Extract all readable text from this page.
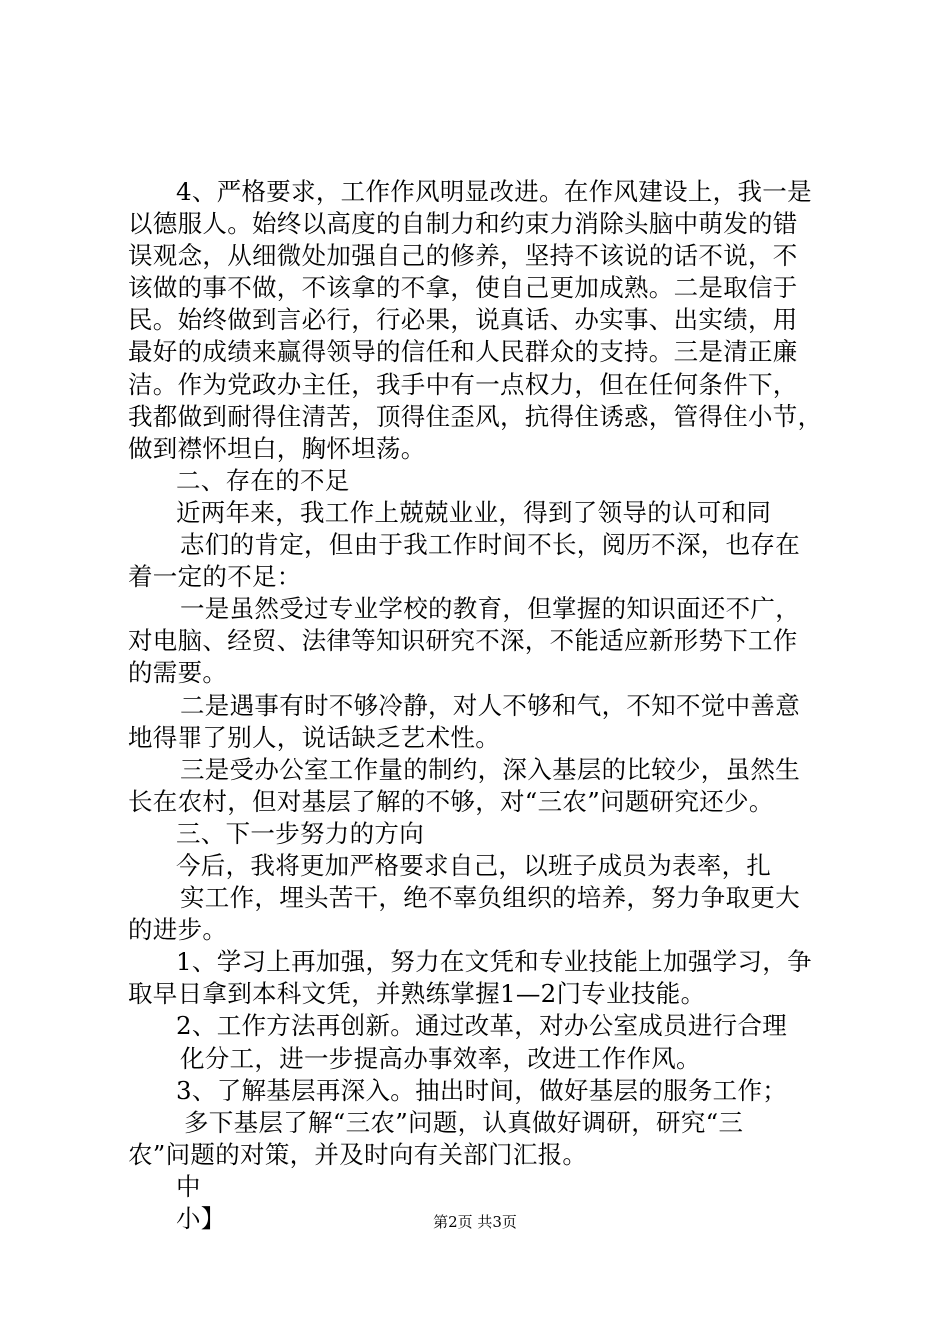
4、严格要求，工作作风明显改进。在作风建设上，我一是
以德服人。始终以高度的自制力和约束力消除头脑中萌发的错
误观念，从细微处加强自己的修养，坚持不该说的话不说，不
该做的事不做，不该拿的不拿，使自己更加成熟。二是取信于
民。始终做到言必行，行必果，说真话、办实事、出实绩，用
最好的成绩来赢得领导的信任和人民群众的支持。三是清正廉
洁。作为党政办主任，我手中有一点权力，但在任何条件下，
我都做到耐得住清苦，顶得住歪风，抗得住诱惑，管得住小节，
做到襟怀坦白，胸怀坦荡。
二、存在的不足
近两年来，我工作上兢兢业业，得到了领导的认可和同
志们的肯定，但由于我工作时间不长，阅历不深，也存在
着一定的不足：
一是虽然受过专业学校的教育，但掌握的知识面还不广，
对电脑、经贸、法律等知识研究不深，不能适应新形势下工作
的需要。
二是遇事有时不够冷静，对人不够和气，不知不觉中善意
地得罪了别人，说话缺乏艺术性。
三是受办公室工作量的制约，深入基层的比较少，虽然生
长在农村，但对基层了解的不够，对“三农”问题研究还少。
三、下一步努力的方向
今后，我将更加严格要求自己，以班子成员为表率，扎
实工作，埋头苦干，绝不辜负组织的培养，努力争取更大
的进步。
1、学习上再加强，努力在文凭和专业技能上加强学习，争
取早日拿到本科文凭，并熟练掌握1—2门专业技能。
2、工作方法再创新。通过改革，对办公室成员进行合理
化分工，进一步提高办事效率，改进工作作风。
3、了解基层再深入。抽出时间，做好基层的服务工作；
多下基层了解“三农”问题，认真做好调研，研究“三
农”问题的对策，并及时向有关部门汇报。
中
小】	第2页 共3页
